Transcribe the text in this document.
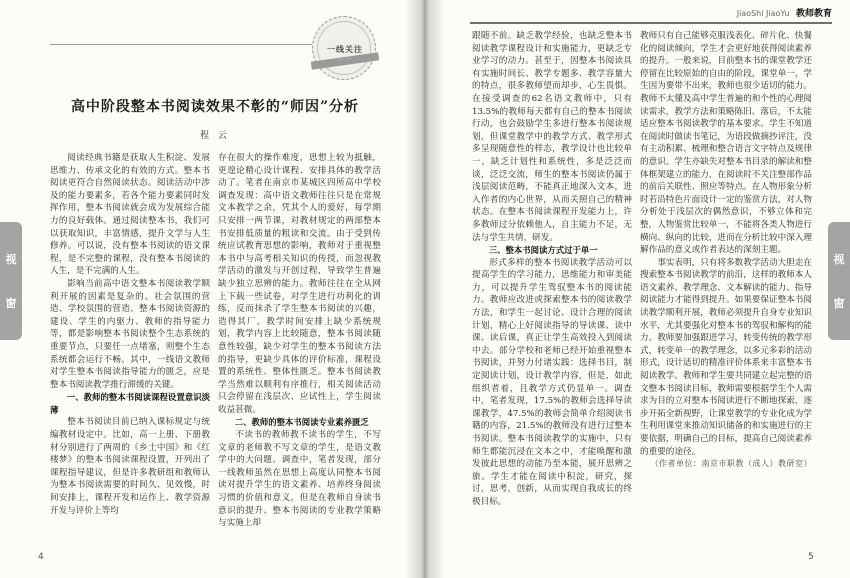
一线关注
·· ··
高中阶段整本书阅读效果不彰的“师因”分析
程 云

阅读经典书籍是获取人生积淀、发展思维力、传承文化的有效的方式。整本书阅读更符合自然阅读状态。阅读活动中涉及的能力要素多，若各个能力要素同时发挥作用，整本书阅读就会成为发展综合能力的良好载体。通过阅读整本书，我们可以获取知识，丰富情感，提升文学与人生修养。可以说，没有整本书阅读的语文课程，是不完整的课程，没有整本书阅读的人生，是不完满的人生。

影响当前高中语文整本书阅读教学顺利开展的因素是复杂的。社会氛围的营造、学校氛围的营造、整本书阅读资源的建设、学生的内驱力、教师的指导能力等，都是影响整本书阅读整个生态系统的重要节点，只要任一点堵塞，则整个生态系统都会运行不畅。其中，一线语文教师对学生整本书阅读指导能力的匮乏，应是整本书阅读教学推行滞缓的关键。

一、教师的整本书阅读课程设置意识淡薄

整本书阅读目前已纳入课标规定与统编教材设定中。比如，高一上册、下册教材分别进行了两周的《乡土中国》和《红楼梦》的整本书阅读课程设置，开列出了课程指导建议，但是许多教研组和教师认为整本书阅读需要的时间久、见效慢，时间安排上，课程开发和运作上、教学资源开发与评价上等均

存在很大的操作难度，思想上较为抵触，更遑论精心设计课程、安排具体的教学活动了。笔者在南京市某城区四所高中学校调查发现：高中语文教师往往只是在常规文本教学之余，凭其个人的爱好，每学期只安排一两节课，对教材规定的两部整本书安排低质量的粗读和交流。由于受到传统应试教育思想的影响，教师对于重视整本书中与高考相关知识的传授，而忽视教学活动的激发与开创过程，导致学生普遍缺少独立思辨的能力。教师往往在全从网上下载一些试卷，对学生进行功利化的训练，反而抹杀了学生整本书阅读的兴趣，造得其厂。教学时间安排上缺少系统规划，教学内容上比较随意，整本书阅读随意性较强，缺少对学生的整本书阅读方法的指导，更缺少具体的评价标准，课程设置的系统性、整体性匮乏。整本书阅读教学当然难以顺利有序推行，相关阅读活动只会停留在浅层次、应试性上，学生阅读收益甚微。

二、教师的整本书阅读专业素养匮乏

不读书的教师教不读书的学生，不写文章的老师教不写文章的学生，是语文教学中的大问题。调查中，笔者发现，部分一线教师虽然在思想上高度认同整本书阅读对提升学生的语文素养、培养终身阅读习惯的价值和意义，但是在教师自身读书意识的提升、整本书阅读的专业教学策略与实施上却

4
JiaoShi JiaoYu 教师教育

跟随不前。缺乏教学经验，也缺乏整本书阅读教学课程设计和实施能力，更缺乏专业学习的动力。甚至于，因整本书阅读具有实施时间长、教学专题多、教学容量大的特点，很多教师望而却步，心生畏惧。在接受调查的62名语文教师中，只有13.5%的教师每天都有自己的整本书阅读行动，也会鼓励学生多进行整本书阅读规划，但课堂教学中的教学方式、教学形式多呈现随意性的样态，教学设计也比较单一，缺乏计划性和系统性，多是泛泛而谈，泛泛交流，师生的整本书阅读仍属于浅层阅读范畴，不能真正地深入文本，进入作者的内心世界，从而关照自己的精神状态。在整本书阅读课程开发能力上，许多教师过分依赖他人，自主能力不足，无法与学生共情，研发。

三、整本书阅读方式过于单一

形式多样的整本书阅读教学活动可以提高学生的学习能力，思维能力和审美能力，可以提升学生驾驭整本书的阅读能力。教师应改进或探索整本书的阅读教学方法，和学生一起讨论、设计合理的阅读计划，精心上好阅读指导的导读课、读中课、读后课，真正让学生高效投入到阅读中去。部分学校和老师已经开始重视整本书阅读，并努力付诸实践：选择书目，制定阅读计划，设计教学内容，但是，如此组织者着，且教学方式仍显单一。调查中，笔者发现，17.5%的教师会选择导读课教学，47.5%的教师会简单介绍阅读书籍的内容，21.5%的教师没有进行过整本书阅读。整本书阅读教学的实施中，只有师生都能沉浸在文本之中，才能唤醒和激发彼此思想的动能乃至本能，展开思辨之旅。学生才能在阅读中积淀，研究，探讨，思考，创新，从而实现自我成长的终极目标。

教师只有自己能够克服浅表化、碎片化、快餐化的阅读倾向，学生才会更好地获得阅读素养的提升。一般来说，目前整本书的课堂教学还停留在比较原始的自由的阶段，课堂单一，学生因为要带不出来，教师也很少适切的能力。教师不太懂及高中学生普遍的和个性的心理阅读需求，教学方法和策略陈旧、落后，不太能适应整本书阅读教学的基本要求。学生不知道在阅读时做读书笔记，为语段做摘抄评注，没有主动积累、梳理和整合语言文字特点及规律的意识。学生亦缺失对整本书目录的解读和整体框架建立的能力，在阅读时不关注整部作品的前后关联性、照应等特点。在人物形象分析时若沿特色片面设计一定的鉴赏方法，对人物分析处于浅层次的偶然意识，不够立体和完整，人物鉴赏比较单一，不能将各类人物进行横向、纵向的比较，进而在分析比较中深入理解作品的意义或作者表达的深刻主题。

事实表明，只有将多数教学活动大胆走在搜索整本书阅读教学的前沿，这样的教师本人语文素养、教学理念、文本解读的能力、指导阅读能力才能得到提升。如果要保证整本书阅读教学顺利开展，教师必须提升自身专业知识水平，尤其要强化对整本书的驾驭和解构的能力。教师要加强跟进学习，转变传统的教学形式，转变单一的教学理念，以多元多彩的活动形式，设计适切的精准评价体系来丰富整本书阅读教学。教师和学生要共同建立起完整的语文整本书阅读目标，教师需要根据学生个人需求为目的立对整本书阅读进行不断地探索，逐步开拓全新视野，让课堂教学的专业化成为学生利用课堂来推动知识储备的和实施进行的主要依据，明确自己的目标，提高自己阅读素养的重要的途径。

（作者单位：南京市职教（成人）教研室）

5
视
窗
视
窗
